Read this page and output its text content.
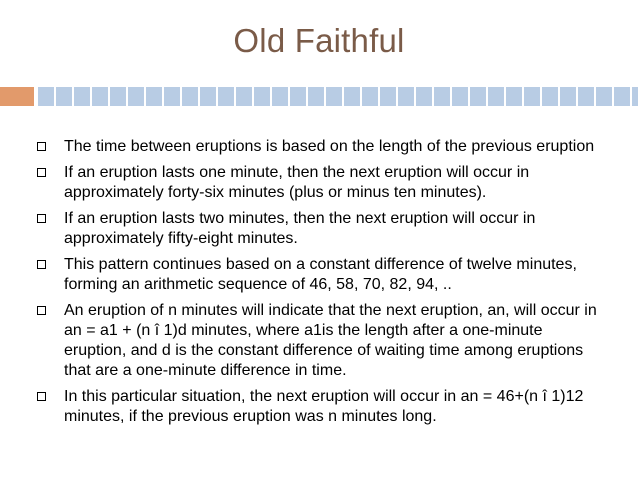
Old Faithful
The time between eruptions is based on the length of the previous eruption
If an eruption lasts one minute, then the next eruption will occur in approximately forty-six minutes (plus or minus ten minutes).
If an eruption lasts two minutes, then the next eruption will occur in approximately fifty-eight minutes.
This pattern continues based on a constant difference of twelve minutes, forming an arithmetic sequence of 46, 58, 70, 82, 94, ..
An eruption of n minutes will indicate that the next eruption, an, will occur in an = a1 + (n î 1)d minutes, where a1is the length after a one-minute eruption, and d is the constant difference of waiting time among eruptions that are a one-minute difference in time.
In this particular situation, the next eruption will occur in an = 46+(n î 1)12 minutes, if the previous eruption was n minutes long.
